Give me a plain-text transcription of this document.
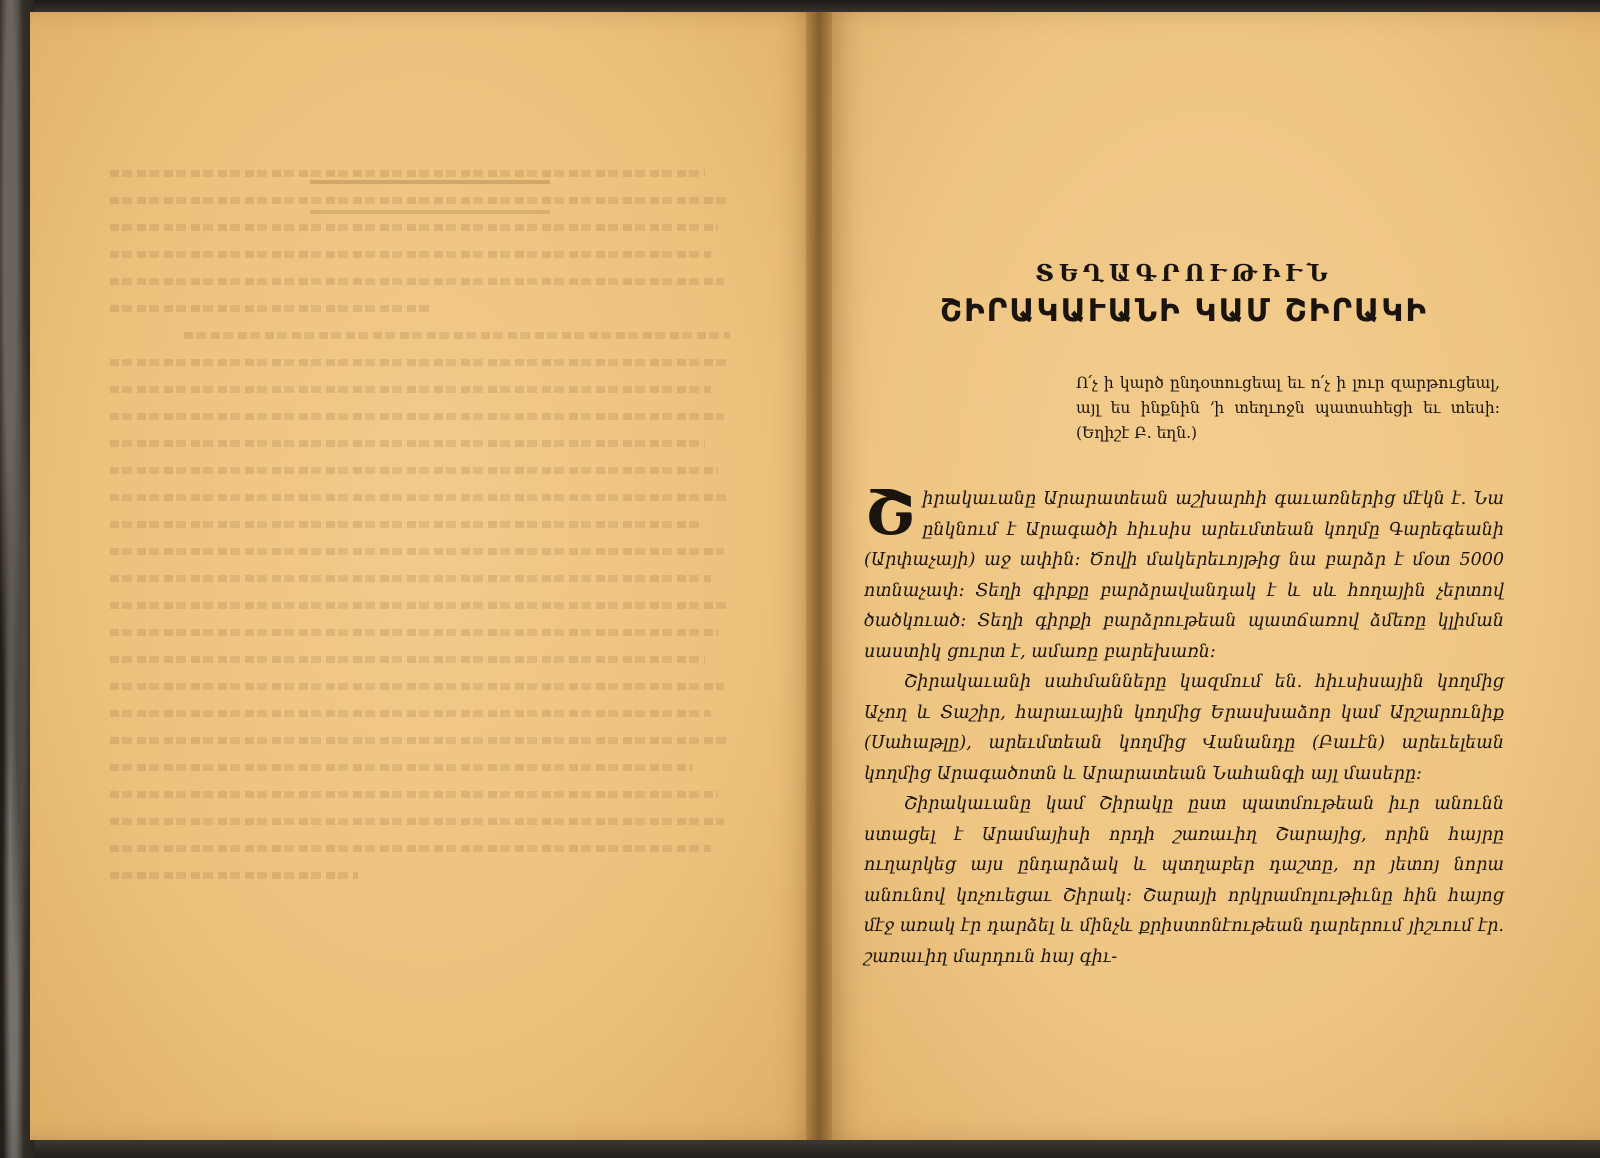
ՏԵՂԱԳՐՈՒԹԻՒՆ
ՇԻՐԱԿԱՒԱՆԻ ԿԱՄ ՇԻՐԱԿԻ
Ո՛չ ի կարծ ընդօտուցեալ եւ ո՛չ ի լուր զարթուցեալ, այլ ես ինքնին ՚ի տեղւոջն պատահեցի եւ տեսի։ (Եղիշէ Բ. եղն.)

Շիրակաւանը Արարատեան աշխարհի գաւառներից մէկն է. Նա ընկնում է Արագածի հիւսիս արեւմտեան կողմը Գարեգեանի (Արփաչայի) աջ ափին։ Ծովի մակերեւոյթից նա բարձր է մօտ 5000 ոտնաչափ։ Տեղի գիրքը բարձրավանդակ է և սև հողային չերտով ծածկուած։ Տեղի գիրքի բարձրութեան պատճառով ձմեռը կլիման սաստիկ ցուրտ է, ամառը բարեխառն։

Շիրակաւանի սահմանները կազմում են. հիւսիսային կողմից Աչող և Տաշիր, հարաւային կողմից Երասխաձոր կամ Արշարունիք (Սահաթլը), արեւմտեան կողմից Վանանդը (Բաւէն) արեւելեան կողմից Արագածոտն և Արարատեան Նահանգի այլ մասերը։

Շիրակաւանը կամ Շիրակը ըստ պատմութեան իւր անունն ստացել է Արամայիսի որդի շառաւիղ Շարայից, որին հայրը ուղարկեց այս ընդարձակ և պտղաբեր դաշտը, որ յետոյ նորա անունով կոչուեցաւ Շիրակ։ Շարայի որկրամոլութիւնը հին հայոց մէջ առակ էր դարձել և մինչև քրիստոնէութեան դարերում յիշւում էր. շառաւիղ մարդուն հայ գիւ-
